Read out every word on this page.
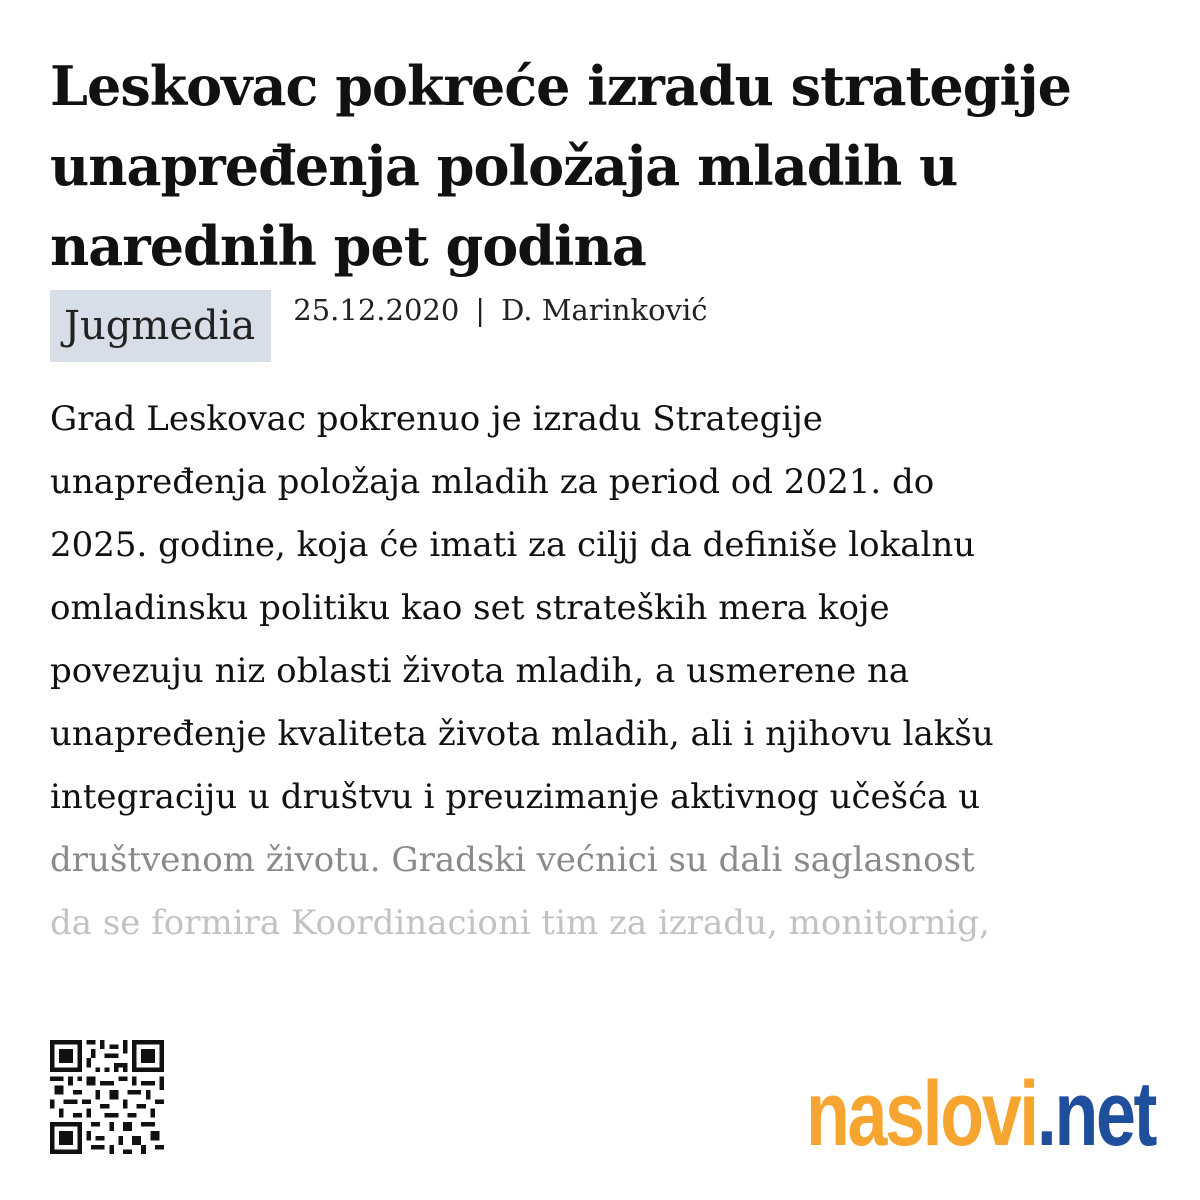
Leskovac pokreće izradu strategije unapređenja položaja mladih u narednih pet godina
Jugmedia	25.12.2020 | D. Marinković
Grad Leskovac pokrenuo je izradu Strategije
unapređenja položaja mladih za period od 2021. do
2025. godine, koja će imati za ciljj da definiše lokalnu
omladinsku politiku kao set strateških mera koje
povezuju niz oblasti života mladih, a usmerene na
unapređenje kvaliteta života mladih, ali i njihovu lakšu
integraciju u društvu i preuzimanje aktivnog učešća u
društvenom životu. Gradski većnici su dali saglasnost
da se formira Koordinacioni tim za izradu, monitornig,
naslovi.net
